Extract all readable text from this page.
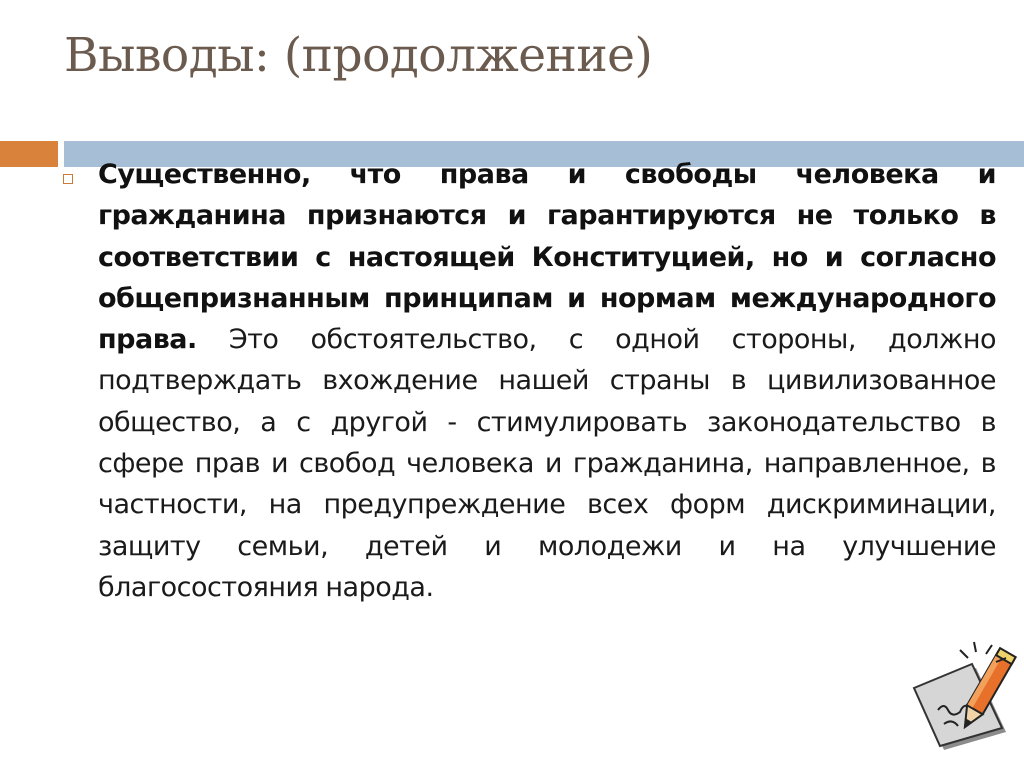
Выводы: (продолжение)
Существенно, что права и свободы человека и гражданина признаются и гарантируются не только в соответствии с настоящей Конституцией, но и согласно общепризнанным принципам и нормам международного права. Это обстоятельство, с одной стороны, должно подтверждать вхождение нашей страны в цивилизованное общество, а с другой - стимулировать законодательство в сфере прав и свобод человека и гражданина, направленное, в частности, на предупреждение всех форм дискриминации, защиту семьи, детей и молодежи и на улучшение благосостояния народа.
